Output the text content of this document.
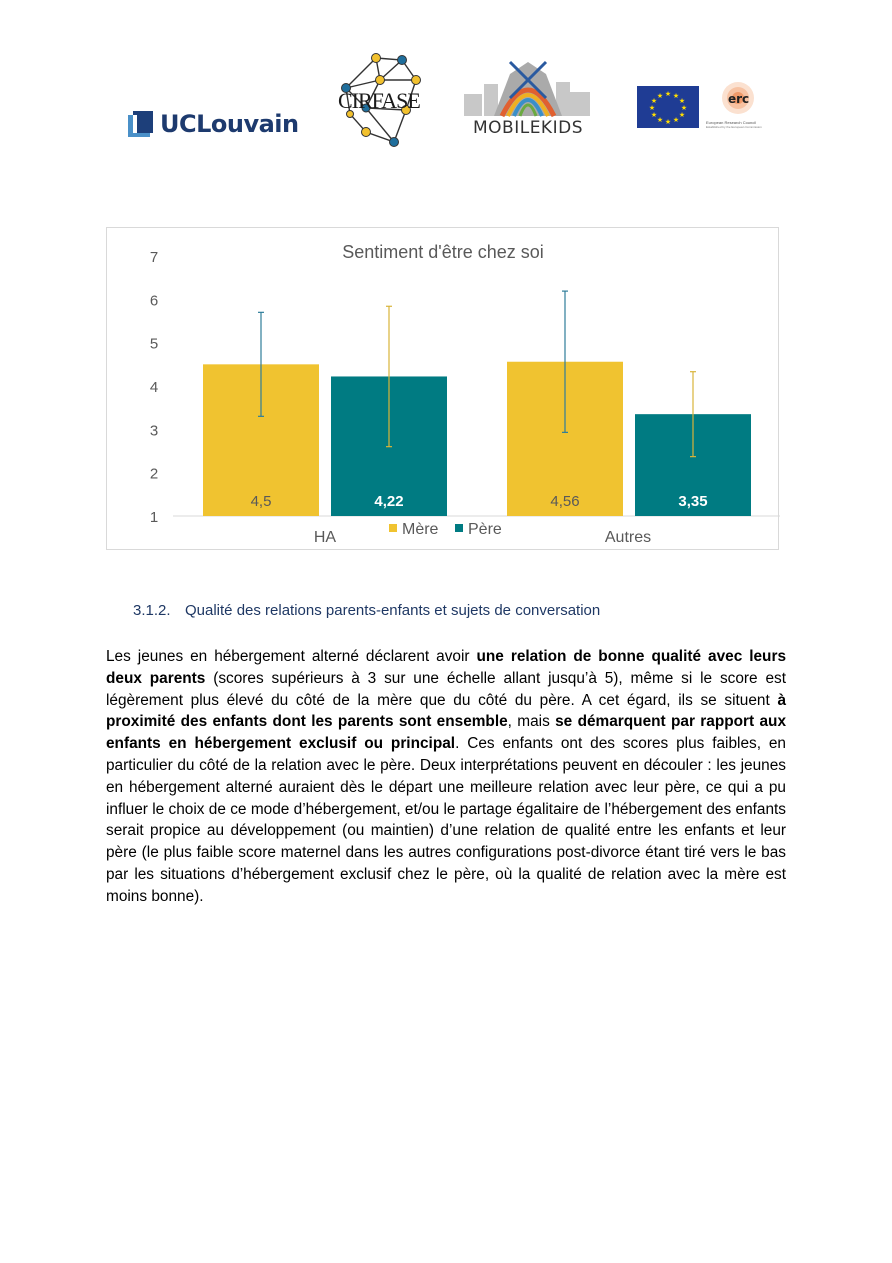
UCLouvain
CIRFASE
MOBILEKIDS
★ ★
★
★
★
★
★
★
★
★
★
★	erc
European Research Council
Established by the European Commission
Sentiment d'être chez soi
1
2
3
4
5
6
7
4,5	4,22	4,56	3,35
HA	Autres
Mère Père
3.1.2. Qualité des relations parents-enfants et sujets de conversation
Les jeunes en hébergement alterné déclarent avoir une relation de bonne qualité avec leurs deux parents (scores supérieurs à 3 sur une échelle allant jusqu’à 5), même si le score est légèrement plus élevé du côté de la mère que du côté du père. A cet égard, ils se situent à proximité des enfants dont les parents sont ensemble, mais se démarquent par rapport aux enfants en hébergement exclusif ou principal. Ces enfants ont des scores plus faibles, en particulier du côté de la relation avec le père. Deux interprétations peuvent en découler : les jeunes en hébergement alterné auraient dès le départ une meilleure relation avec leur père, ce qui a pu influer le choix de ce mode d’hébergement, et/ou le partage égalitaire de l’hébergement des enfants serait propice au développement (ou maintien) d’une relation de qualité entre les enfants et leur père (le plus faible score maternel dans les autres configurations post-divorce étant tiré vers le bas par les situations d’hébergement exclusif chez le père, où la qualité de relation avec la mère est moins bonne).
